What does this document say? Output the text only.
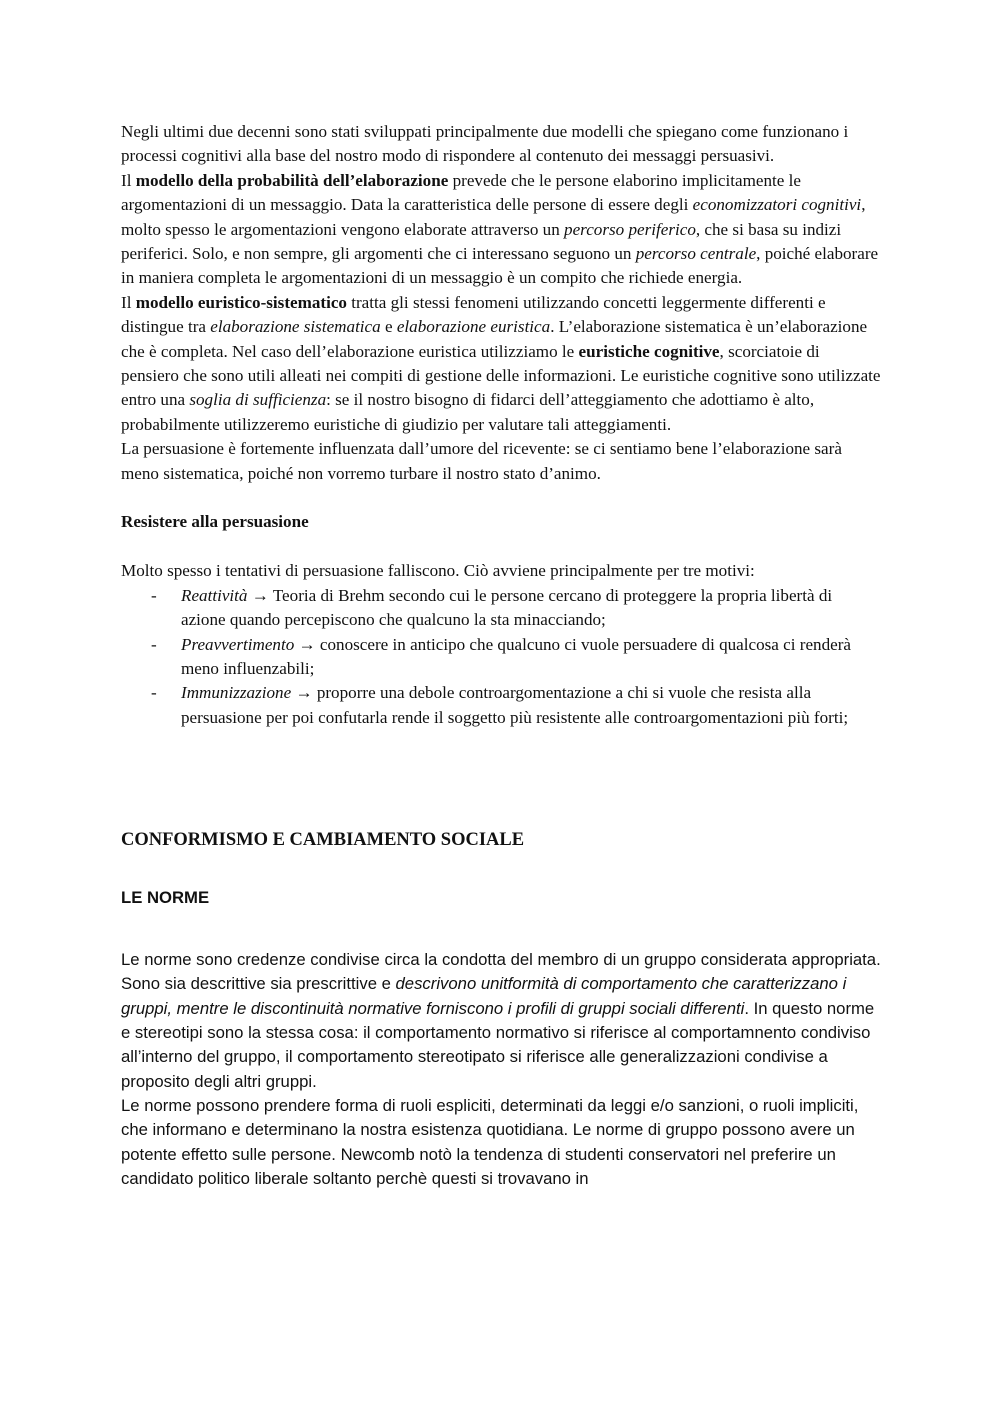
Negli ultimi due decenni sono stati sviluppati principalmente due modelli che spiegano come funzionano i processi cognitivi alla base del nostro modo di rispondere al contenuto dei messaggi persuasivi.

Il modello della probabilità dell’elaborazione prevede che le persone elaborino implicitamente le argomentazioni di un messaggio. Data la caratteristica delle persone di essere degli economizzatori cognitivi, molto spesso le argomentazioni vengono elaborate attraverso un percorso periferico, che si basa su indizi periferici. Solo, e non sempre, gli argomenti che ci interessano seguono un percorso centrale, poiché elaborare in maniera completa le argomentazioni di un messaggio è un compito che richiede energia.

Il modello euristico-sistematico tratta gli stessi fenomeni utilizzando concetti leggermente differenti e distingue tra elaborazione sistematica e elaborazione euristica. L’elaborazione sistematica è un’elaborazione che è completa. Nel caso dell’elaborazione euristica utilizziamo le euristiche cognitive, scorciatoie di pensiero che sono utili alleati nei compiti di gestione delle informazioni. Le euristiche cognitive sono utilizzate entro una soglia di sufficienza: se il nostro bisogno di fidarci dell’atteggiamento che adottiamo è alto, probabilmente utilizzeremo euristiche di giudizio per valutare tali atteggiamenti.

La persuasione è fortemente influenzata dall’umore del ricevente: se ci sentiamo bene l’elaborazione sarà meno sistematica, poiché non vorremo turbare il nostro stato d’animo.

Resistere alla persuasione

Molto spesso i tentativi di persuasione falliscono. Ciò avviene principalmente per tre motivi:

- Reattività → Teoria di Brehm secondo cui le persone cercano di proteggere la propria libertà di azione quando percepiscono che qualcuno la sta minacciando;
- Preavvertimento → conoscere in anticipo che qualcuno ci vuole persuadere di qualcosa ci renderà meno influenzabili;
- Immunizzazione → proporre una debole controargomentazione a chi si vuole che resista alla persuasione per poi confutarla rende il soggetto più resistente alle controargomentazioni più forti;
CONFORMISMO E CAMBIAMENTO SOCIALE
LE NORME

Le norme sono credenze condivise circa la condotta del membro di un gruppo considerata appropriata. Sono sia descrittive sia prescrittive e descrivono unitformità di comportamento che caratterizzano i gruppi, mentre le discontinuità normative forniscono i profili di gruppi sociali differenti. In questo norme e stereotipi sono la stessa cosa: il comportamento normativo si riferisce al comportamnento condiviso all’interno del gruppo, il comportamento stereotipato si riferisce alle generalizzazioni condivise a proposito degli altri gruppi.

Le norme possono prendere forma di ruoli espliciti, determinati da leggi e/o sanzioni, o ruoli impliciti, che informano e determinano la nostra esistenza quotidiana. Le norme di gruppo possono avere un potente effetto sulle persone. Newcomb notò la tendenza di studenti conservatori nel preferire un candidato politico liberale soltanto perchè questi si trovavano in
